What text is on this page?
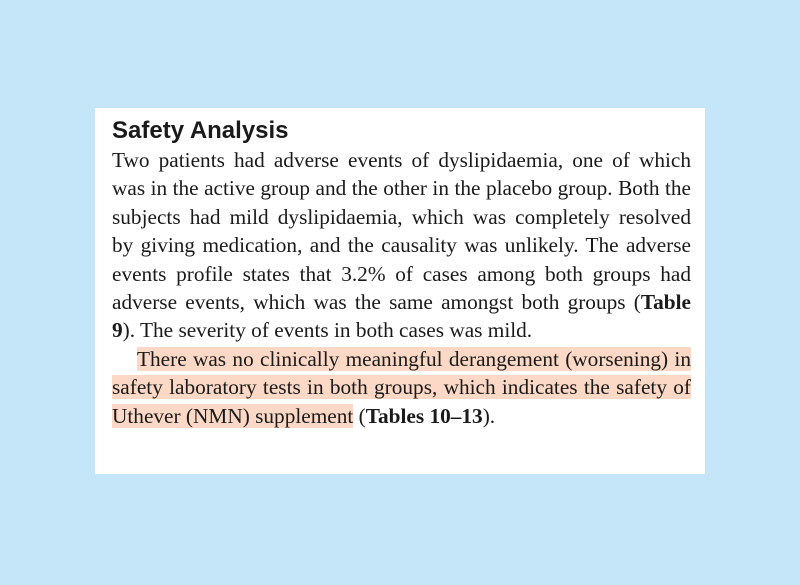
Safety Analysis

Two patients had adverse events of dyslipidaemia, one of which was in the active group and the other in the placebo group. Both the subjects had mild dyslipidaemia, which was completely resolved by giving medication, and the causality was unlikely. The adverse events profile states that 3.2% of cases among both groups had adverse events, which was the same amongst both groups (Table 9). The severity of events in both cases was mild.

There was no clinically meaningful derangement (worsening) in safety laboratory tests in both groups, which indicates the safety of Uthever (NMN) supplement (Tables 10–13).
